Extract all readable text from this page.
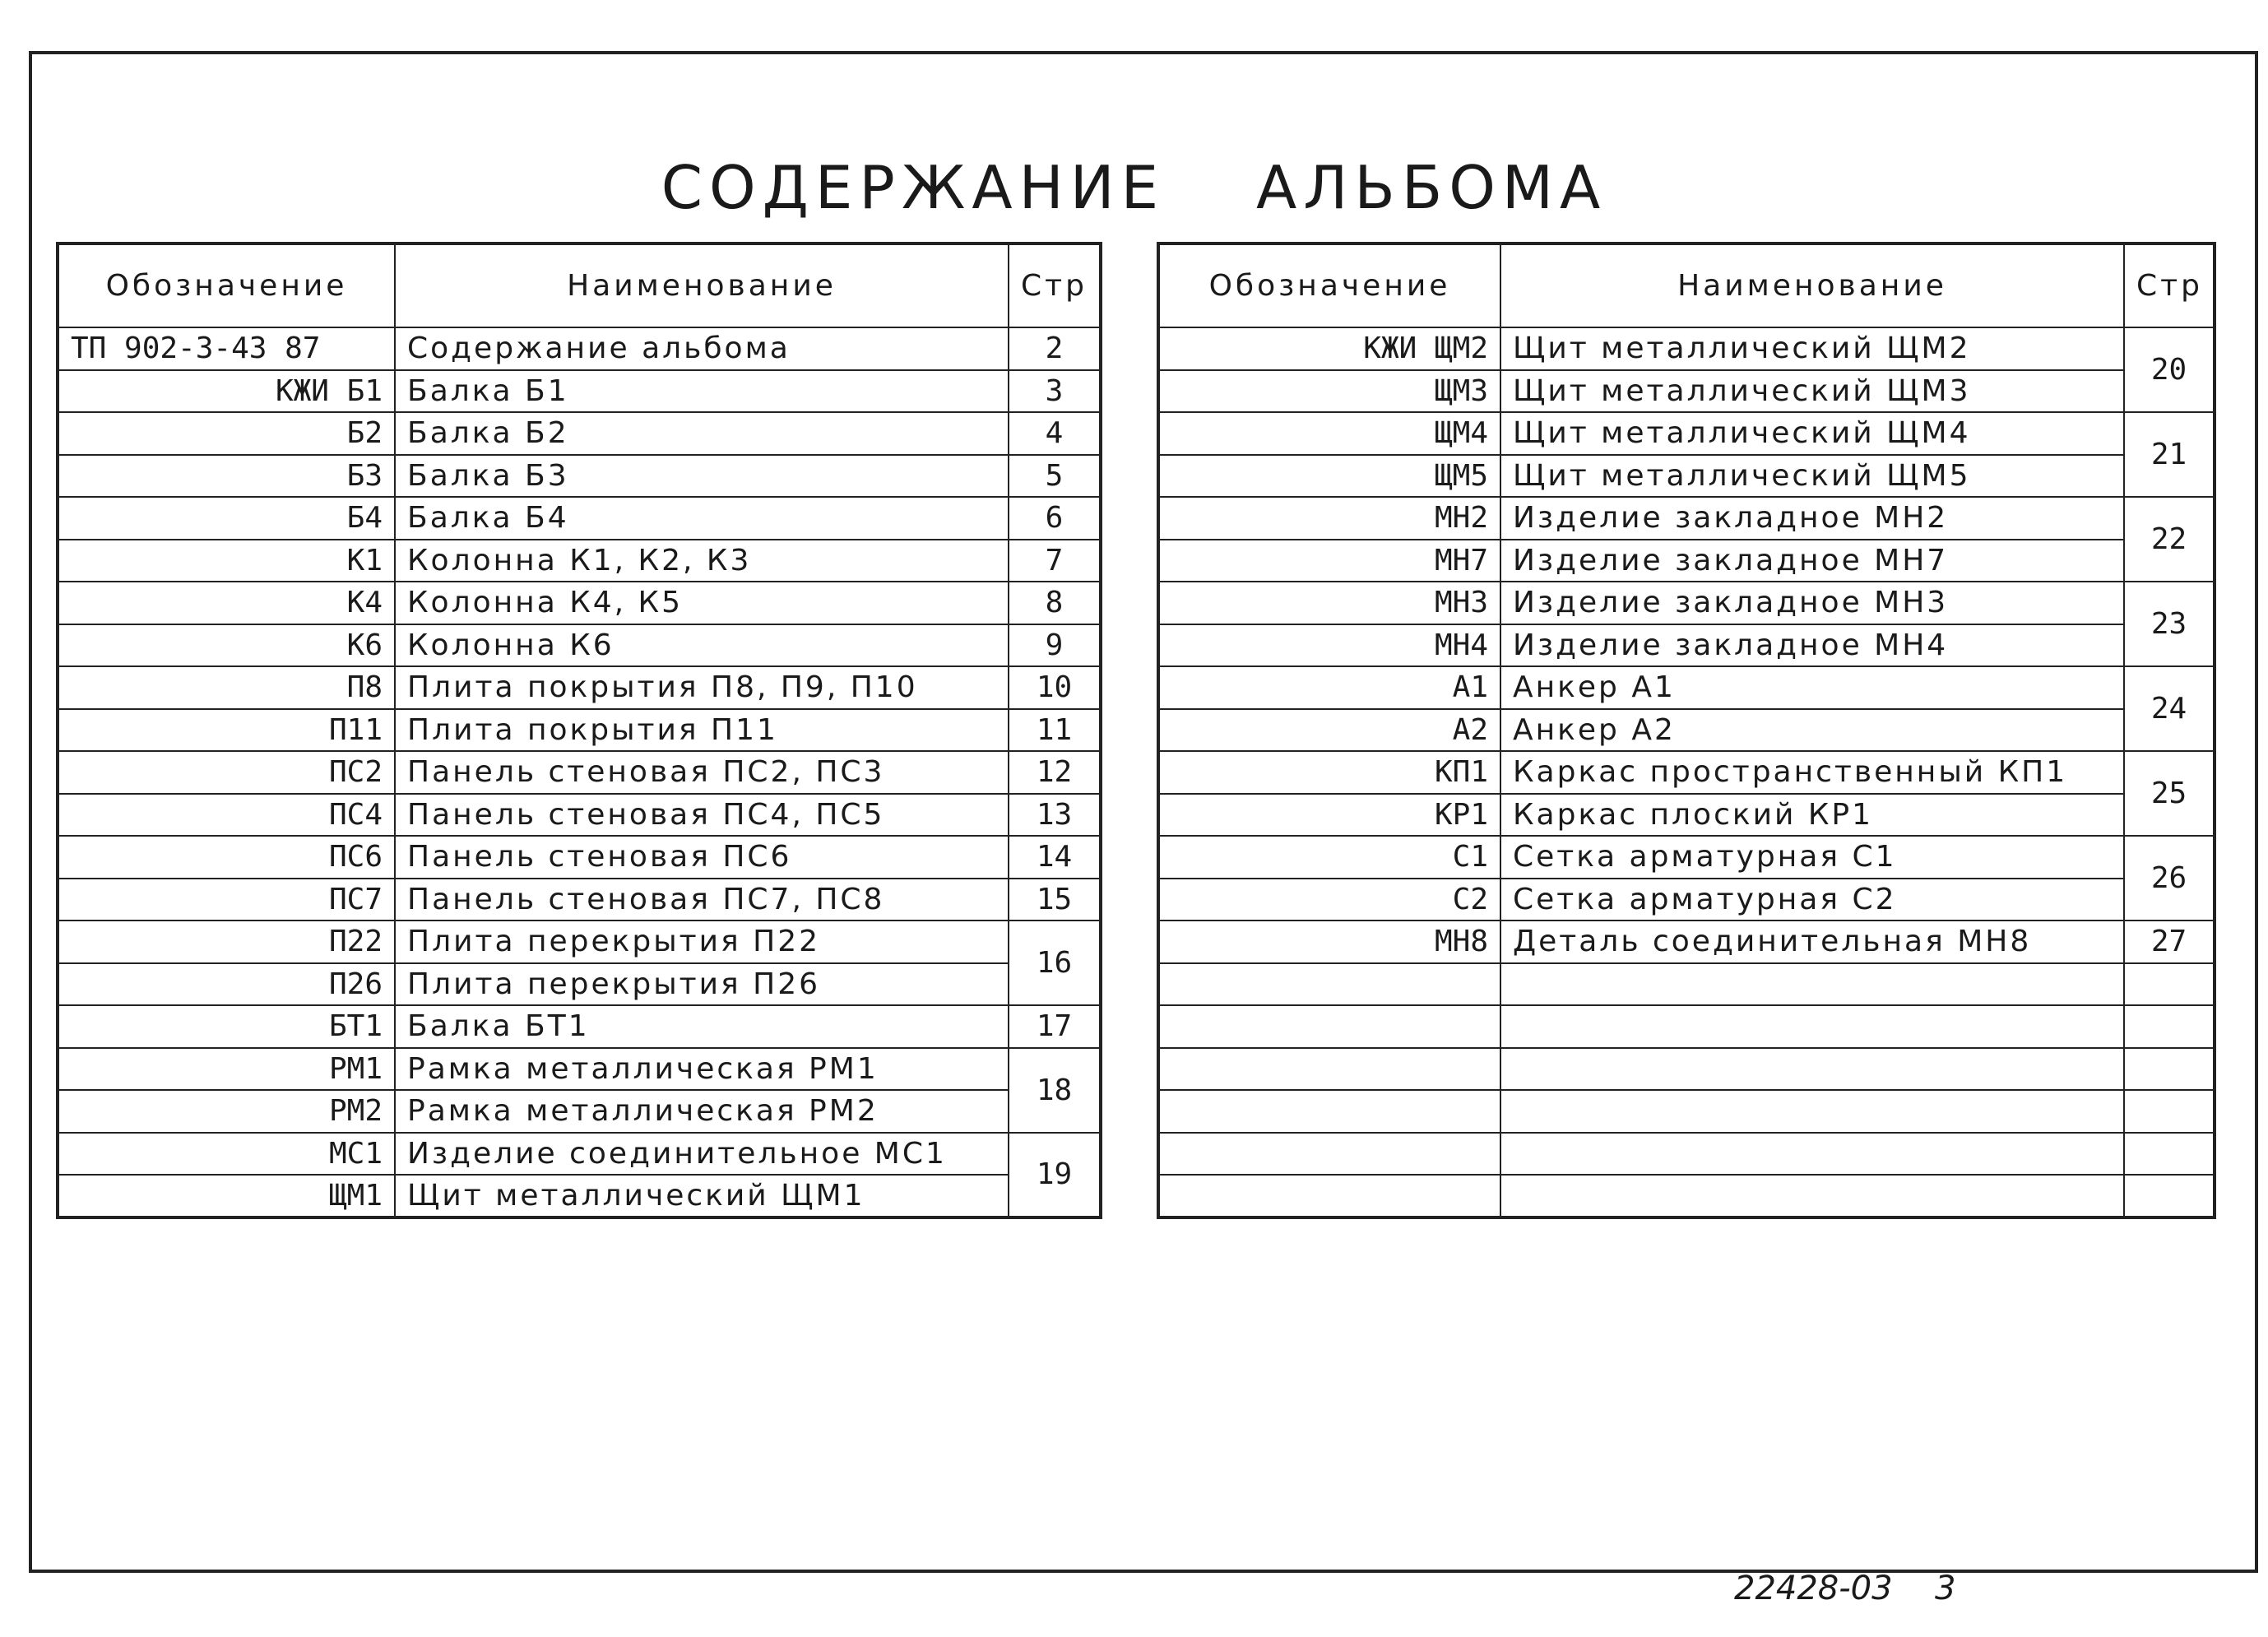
СОДЕРЖАНИЕ АЛЬБОМА
Обозначение	Наименование	Стр
ТП 902-3-43 87	Содержание альбома	2
КЖИ Б1	Балка Б1	3
Б2	Балка Б2	4
Б3	Балка Б3	5
Б4	Балка Б4	6
К1	Колонна К1, К2, К3	7
К4	Колонна К4, К5	8
К6	Колонна К6	9
П8	Плита покрытия П8, П9, П10	10
П11	Плита покрытия П11	11
ПС2	Панель стеновая ПС2, ПС3	12
ПС4	Панель стеновая ПС4, ПС5	13
ПС6	Панель стеновая ПС6	14
ПС7	Панель стеновая ПС7, ПС8	15
П22	Плита перекрытия П22	16
П26	Плита перекрытия П26	
БТ1	Балка БТ1	17
РМ1	Рамка металлическая РМ1	18
РМ2	Рамка металлическая РМ2	
МС1	Изделие соединительное МС1	19
ЩМ1	Щит металлический ЩМ1	
Обозначение	Наименование	Стр
КЖИ ЩМ2	Щит металлический ЩМ2	20
ЩМ3	Щит металлический ЩМ3	
ЩМ4	Щит металлический ЩМ4	21
ЩМ5	Щит металлический ЩМ5	
МН2	Изделие закладное МН2	22
МН7	Изделие закладное МН7	
МН3	Изделие закладное МН3	23
МН4	Изделие закладное МН4	
А1	Анкер А1	24
А2	Анкер А2	
КП1	Каркас пространственный КП1	25
КР1	Каркас плоский КР1	
С1	Сетка арматурная С1	26
С2	Сетка арматурная С2	
МН8	Деталь соединительная МН8	27

22428-03 3
